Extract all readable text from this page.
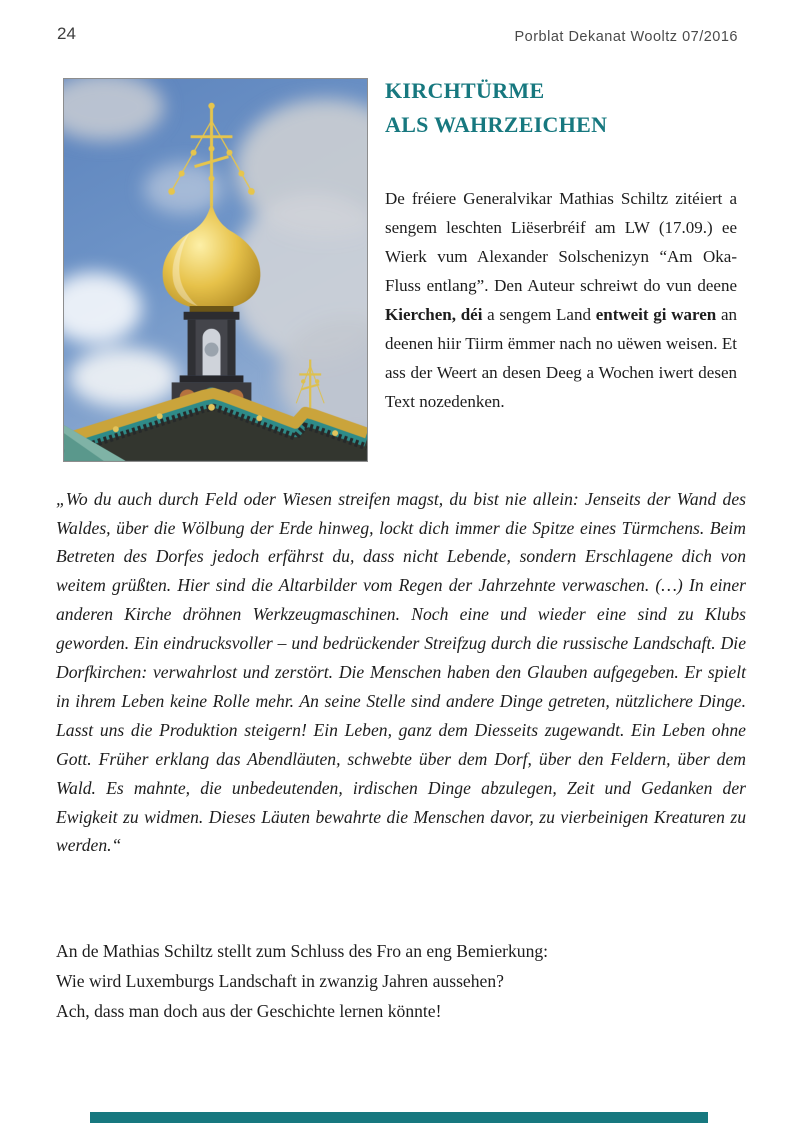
24	Porblat Dekanat Wooltz 07/2016
KIRCHTÜRME
ALS WAHRZEICHEN

De fréiere Generalvikar Mathias Schiltz zitéiert a sengem leschten Liëserbréif am LW (17.09.) ee Wierk vum Alexander Solschenizyn “Am Oka-Fluss entlang”. Den Auteur schreiwt do vun deene Kierchen, déi a sengem Land entweit gi waren an deenen hiir Tiirm ëmmer nach no uëwen weisen. Et ass der Weert an desen Deeg a Wochen iwert desen Text nozedenken.

„Wo du auch durch Feld oder Wiesen streifen magst, du bist nie allein: Jenseits der Wand des Waldes, über die Wölbung der Erde hinweg, lockt dich immer die Spitze eines Türmchens. Beim Betreten des Dorfes jedoch erfährst du, dass nicht Lebende, sondern Erschlagene dich von weitem grüßten. Hier sind die Altarbilder vom Regen der Jahrzehnte verwaschen. (…) In einer anderen Kirche dröhnen Werkzeugmaschinen. Noch eine und wieder eine sind zu Klubs geworden. Ein eindrucksvoller – und bedrückender Streifzug durch die russische Landschaft. Die Dorfkirchen: verwahrlost und zerstört. Die Menschen haben den Glauben aufgegeben. Er spielt in ihrem Leben keine Rolle mehr. An seine Stelle sind andere Dinge getreten, nützlichere Dinge. Lasst uns die Produktion steigern! Ein Leben, ganz dem Diesseits zugewandt. Ein Leben ohne Gott. Früher erklang das Abendläuten, schwebte über dem Dorf, über den Feldern, über dem Wald. Es mahnte, die unbedeutenden, irdischen Dinge abzulegen, Zeit und Gedanken der Ewigkeit zu widmen. Dieses Läuten bewahrte die Menschen davor, zu vierbeinigen Kreaturen zu werden.“

An de Mathias Schiltz stellt zum Schluss des Fro an eng Bemierkung:
Wie wird Luxemburgs Landschaft in zwanzig Jahren aussehen?
Ach, dass man doch aus der Geschichte lernen könnte!
